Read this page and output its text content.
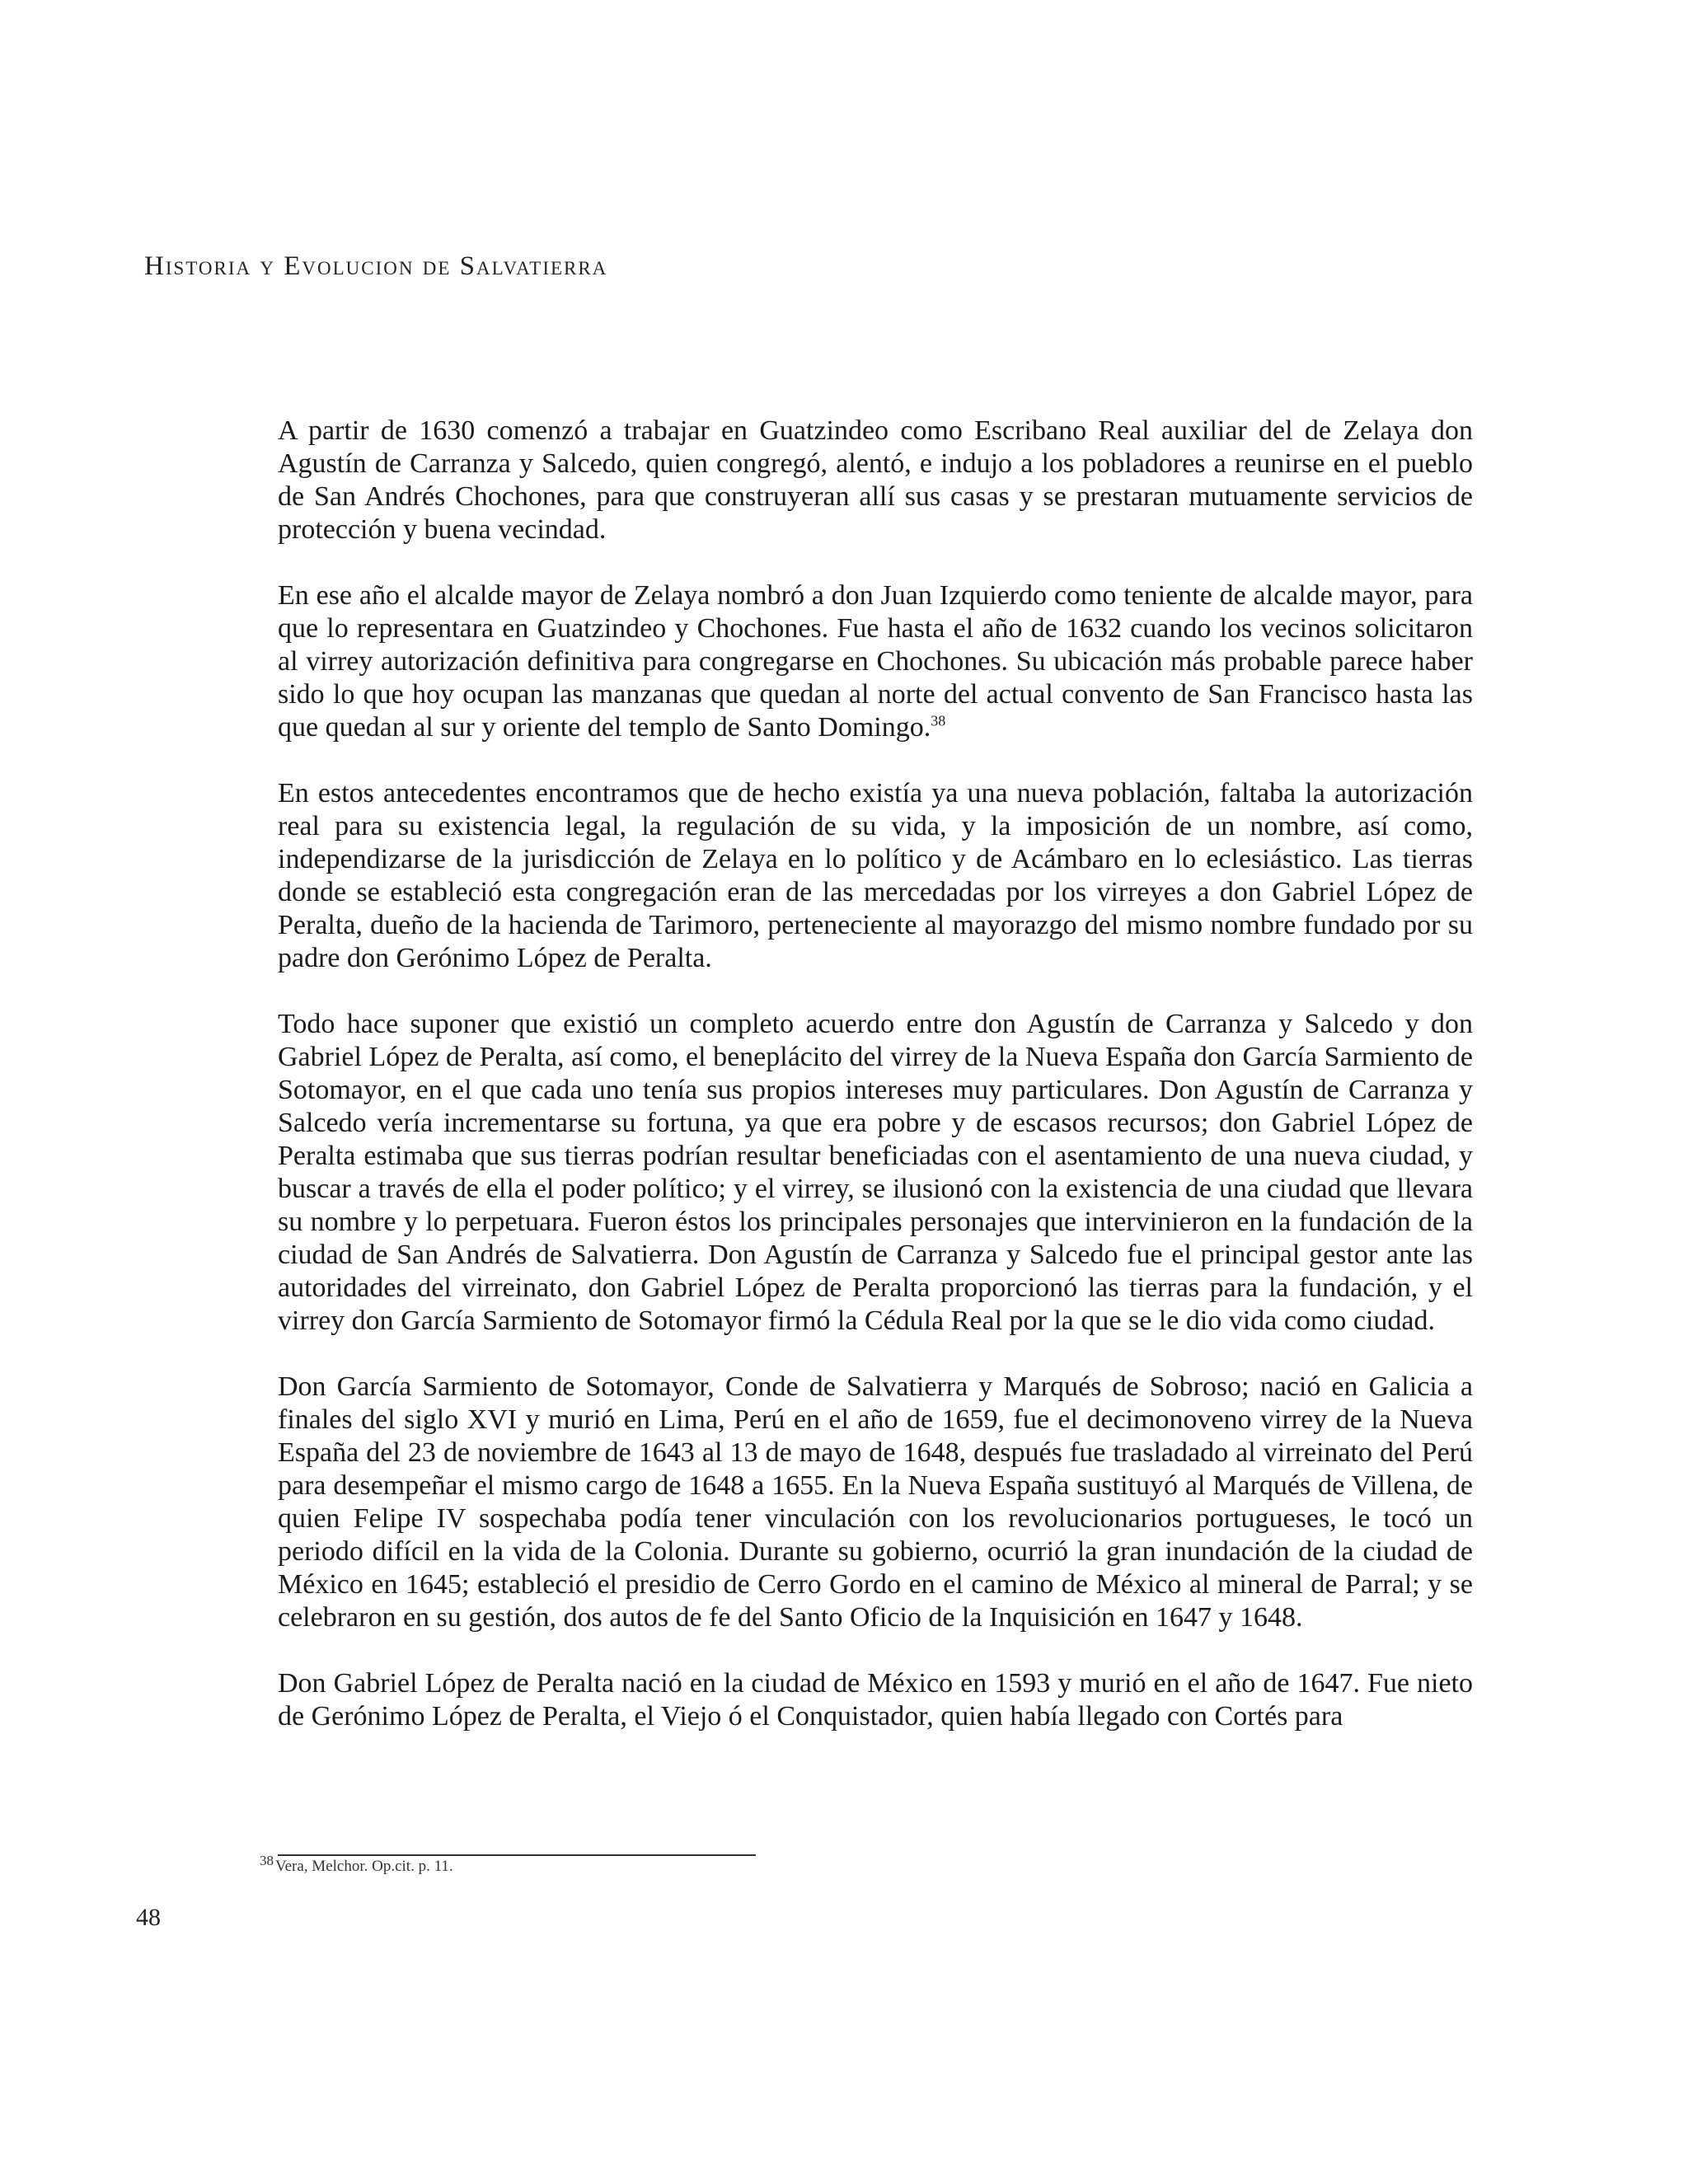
Historia y Evolucion de Salvatierra

A partir de 1630 comenzó a trabajar en Guatzindeo como Escribano Real auxiliar del de Zelaya don Agustín de Carranza y Salcedo, quien congregó, alentó, e indujo a los pobladores a reunirse en el pueblo de San Andrés Chochones, para que construyeran allí sus casas y se prestaran mutuamente servicios de protección y buena vecindad.

En ese año el alcalde mayor de Zelaya nombró a don Juan Izquierdo como teniente de alcalde mayor, para que lo representara en Guatzindeo y Chochones. Fue hasta el año de 1632 cuando los vecinos solicitaron al virrey autorización definitiva para congregarse en Chochones. Su ubicación más probable parece haber sido lo que hoy ocupan las manzanas que quedan al norte del actual convento de San Francisco hasta las que quedan al sur y oriente del templo de Santo Domingo.$^{38}$

En estos antecedentes encontramos que de hecho existía ya una nueva población, faltaba la autorización real para su existencia legal, la regulación de su vida, y la imposición de un nombre, así como, independizarse de la jurisdicción de Zelaya en lo político y de Acámbaro en lo eclesiástico. Las tierras donde se estableció esta congregación eran de las mercedadas por los virreyes a don Gabriel López de Peralta, dueño de la hacienda de Tarimoro, perteneciente al mayorazgo del mismo nombre fundado por su padre don Gerónimo López de Peralta.

Todo hace suponer que existió un completo acuerdo entre don Agustín de Carranza y Salcedo y don Gabriel López de Peralta, así como, el beneplácito del virrey de la Nueva España don García Sarmiento de Sotomayor, en el que cada uno tenía sus propios intereses muy particulares. Don Agustín de Carranza y Salcedo vería incrementarse su fortuna, ya que era pobre y de escasos recursos; don Gabriel López de Peralta estimaba que sus tierras podrían resultar beneficiadas con el asentamiento de una nueva ciudad, y buscar a través de ella el poder político; y el virrey, se ilusionó con la existencia de una ciudad que llevara su nombre y lo perpetuara. Fueron éstos los principales personajes que intervinieron en la fundación de la ciudad de San Andrés de Salvatierra. Don Agustín de Carranza y Salcedo fue el principal gestor ante las autoridades del virreinato, don Gabriel López de Peralta proporcionó las tierras para la fundación, y el virrey don García Sarmiento de Sotomayor firmó la Cédula Real por la que se le dio vida como ciudad.

Don García Sarmiento de Sotomayor, Conde de Salvatierra y Marqués de Sobroso; nació en Galicia a finales del siglo XVI y murió en Lima, Perú en el año de 1659, fue el decimonoveno virrey de la Nueva España del 23 de noviembre de 1643 al 13 de mayo de 1648, después fue trasladado al virreinato del Perú para desempeñar el mismo cargo de 1648 a 1655. En la Nueva España sustituyó al Marqués de Villena, de quien Felipe IV sospechaba podía tener vinculación con los revolucionarios portugueses, le tocó un periodo difícil en la vida de la Colonia. Durante su gobierno, ocurrió la gran inundación de la ciudad de México en 1645; estableció el presidio de Cerro Gordo en el camino de México al mineral de Parral; y se celebraron en su gestión, dos autos de fe del Santo Oficio de la Inquisición en 1647 y 1648.

Don Gabriel López de Peralta nació en la ciudad de México en 1593 y murió en el año de 1647. Fue nieto de Gerónimo López de Peralta, el Viejo ó el Conquistador, quien había llegado con Cortés para

38 Vera, Melchor. Op.cit. p. 11.
48
